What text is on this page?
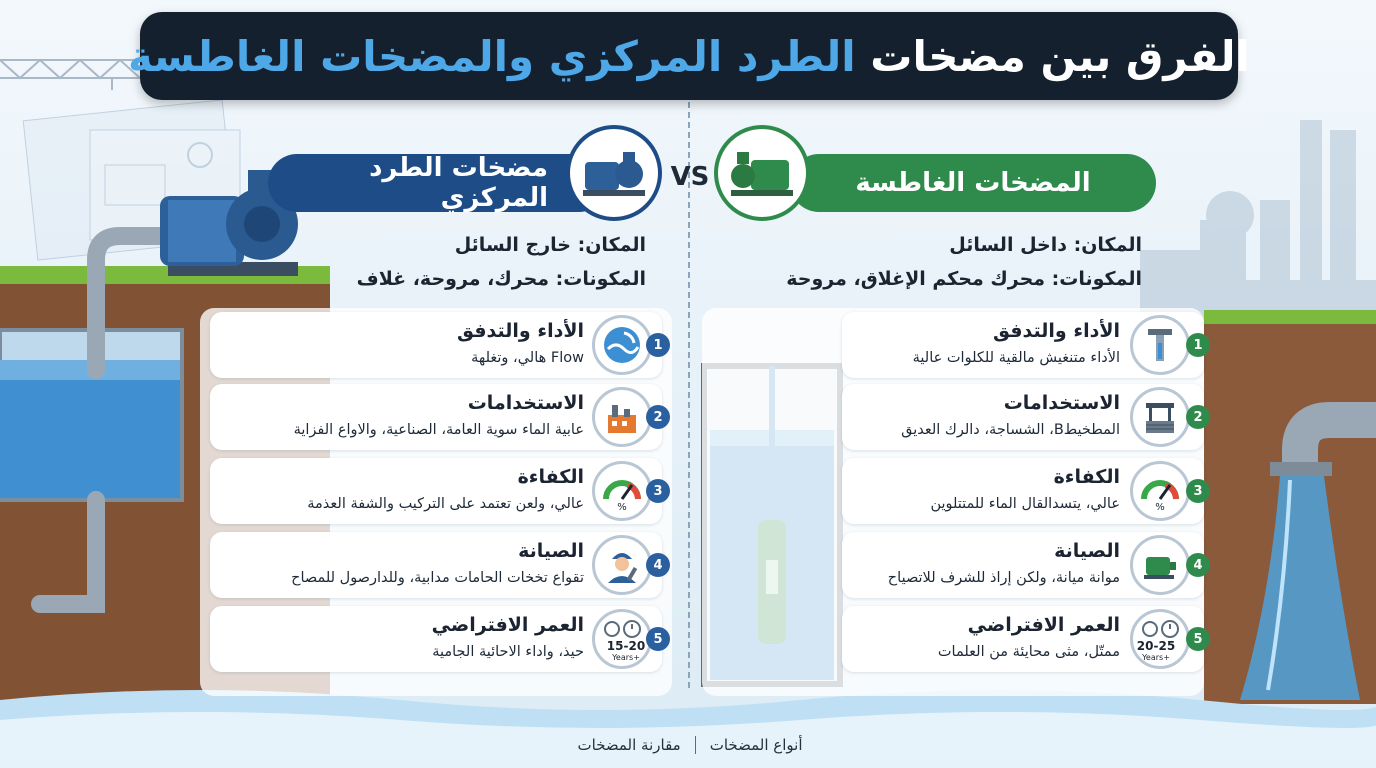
الفرق بين مضخات الطرد المركزي والمضخات الغاطسة
مضخات الطرد المركزي	المضخات الغاطسة
VS
المكان: خارج السائل
المكونات: محرك، مروحة، غلاف
المكان: داخل السائل
المكونات: محرك محكم الإغلاق، مروحة
الأداء والتدفق
Flow هالي، وتغلهة
1
الاستخدامات
عابية الماء سوية العامة، الصناعية، والاواع الفزاية
2
الكفاءة
عالي، ولعن تعتمد على التركيب والشفة العذمة	%
3
الصيانة
تقواع تخخات الحامات مدابية، وللدارصول للمصاح
4
العمر الافتراضي
حيذ، واداء الاحائية الجامية
5
15-20
Years+
الأداء والتدفق
الأداء متنغيش مالقية للكلوات عالية
1
الاستخدامات
المطخيطB، الشساجة، دالرك العديق
2
الكفاءة
عالي، يتسدالقال الماء للمتتلوين	%
3
الصيانة
موانة ميانة، ولكن إراذ للشرف للاتصياح
4
العمر الافتراضي
ممتّل، مثى محايئة من العلمات
5
20-25
Years+
أنواع المضخات
مقارنة المضخات
